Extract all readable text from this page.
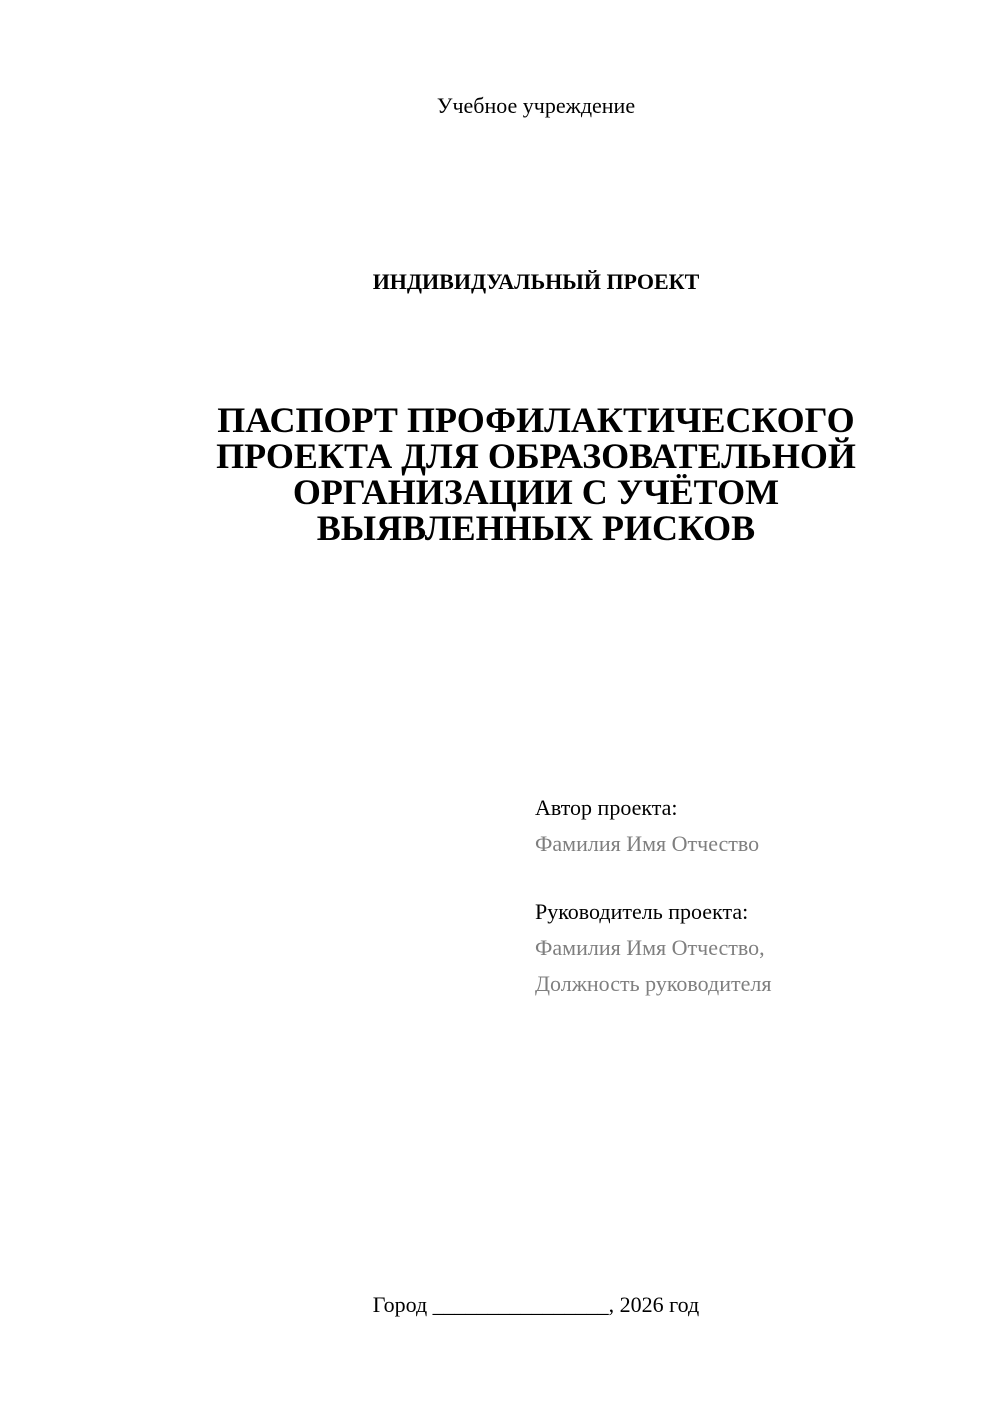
Учебное учреждение
ИНДИВИДУАЛЬНЫЙ ПРОЕКТ
ПАСПОРТ ПРОФИЛАКТИЧЕСКОГО
ПРОЕКТА ДЛЯ ОБРАЗОВАТЕЛЬНОЙ
ОРГАНИЗАЦИИ С УЧЁТОМ
ВЫЯВЛЕННЫХ РИСКОВ
Автор проекта:
Фамилия Имя Отчество
Руководитель проекта:
Фамилия Имя Отчество,
Должность руководителя
Город ________________, 2026 год
